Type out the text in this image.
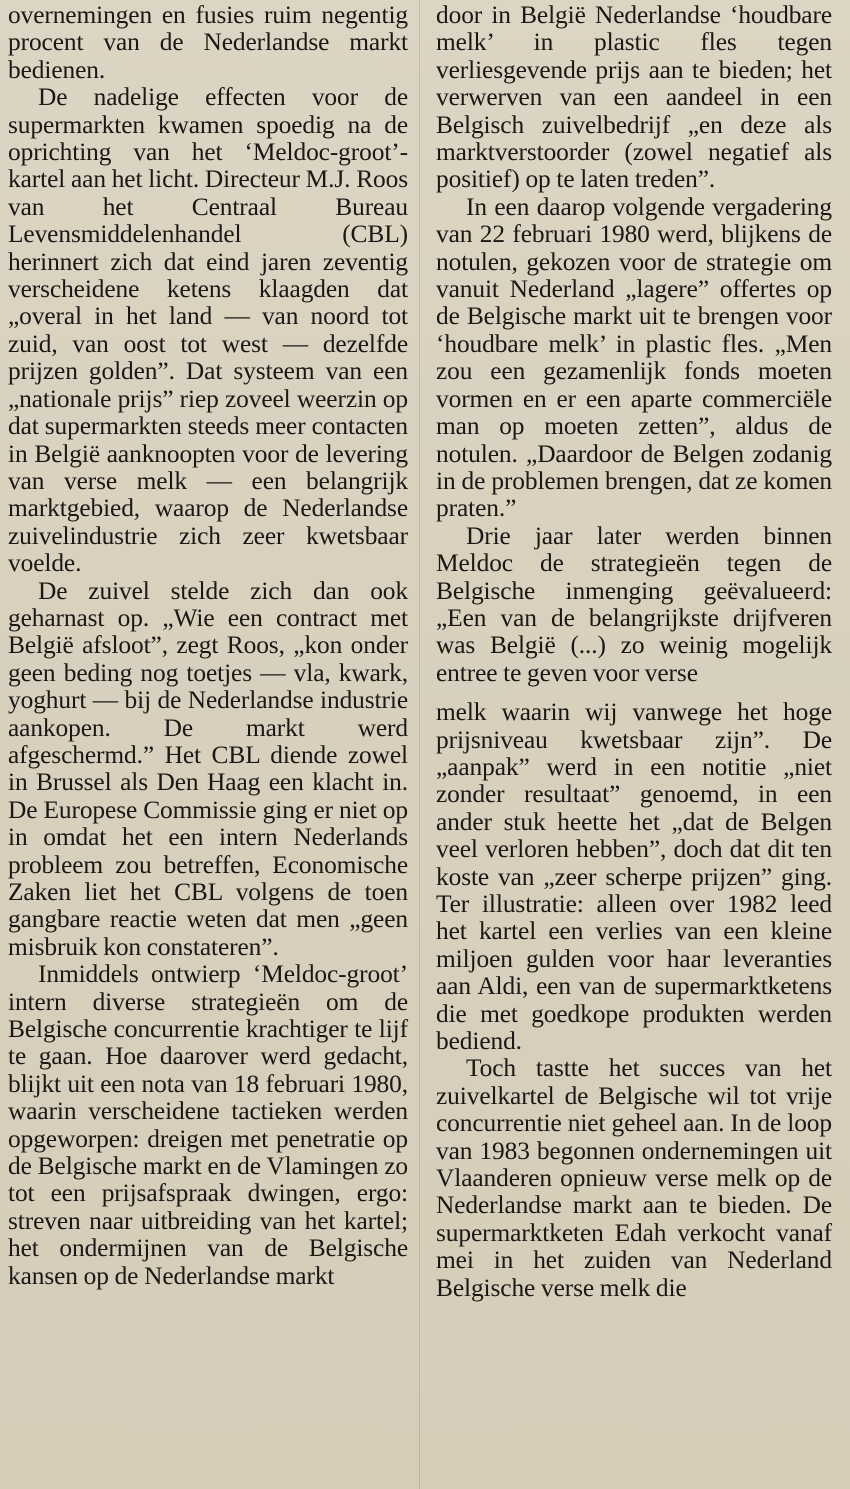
overnemingen en fusies ruim negentig procent van de Nederlandse markt bedienen.

De nadelige effecten voor de supermarkten kwamen spoedig na de oprichting van het ‘Meldoc-groot’-kartel aan het licht. Directeur M.J. Roos van het Centraal Bureau Levensmiddelenhandel (CBL) herinnert zich dat eind jaren zeventig verscheidene ketens klaagden dat „overal in het land — van noord tot zuid, van oost tot west — dezelfde prijzen golden”. Dat systeem van een „nationale prijs” riep zoveel weerzin op dat supermarkten steeds meer contacten in België aanknoopten voor de levering van verse melk — een belangrijk marktgebied, waarop de Nederlandse zuivelindustrie zich zeer kwetsbaar voelde.

De zuivel stelde zich dan ook geharnast op. „Wie een contract met België afsloot”, zegt Roos, „kon onder geen beding nog toetjes — vla, kwark, yoghurt — bij de Nederlandse industrie aankopen. De markt werd afgeschermd.” Het CBL diende zowel in Brussel als Den Haag een klacht in. De Europese Commissie ging er niet op in omdat het een intern Nederlands probleem zou betreffen, Economische Zaken liet het CBL volgens de toen gangbare reactie weten dat men „geen misbruik kon constateren”.

Inmiddels ontwierp ‘Meldoc-groot’ intern diverse strategieën om de Belgische concurrentie krachtiger te lijf te gaan. Hoe daarover werd gedacht, blijkt uit een nota van 18 februari 1980, waarin verscheidene tactieken werden opgeworpen: dreigen met penetratie op de Belgische markt en de Vlamingen zo tot een prijsafspraak dwingen, ergo: streven naar uitbreiding van het kartel; het ondermijnen van de Belgische kansen op de Nederlandse markt

door in België Nederlandse ‘houdbare melk’ in plastic fles tegen verliesgevende prijs aan te bieden; het verwerven van een aandeel in een Belgisch zuivelbedrijf „en deze als marktverstoorder (zowel negatief als positief) op te laten treden”.

In een daarop volgende vergadering van 22 februari 1980 werd, blijkens de notulen, gekozen voor de strategie om vanuit Nederland „lagere” offertes op de Belgische markt uit te brengen voor ‘houdbare melk’ in plastic fles. „Men zou een gezamenlijk fonds moeten vormen en er een aparte commerciële man op moeten zetten”, aldus de notulen. „Daardoor de Belgen zodanig in de problemen brengen, dat ze komen praten.”

Drie jaar later werden binnen Meldoc de strategieën tegen de Belgische inmenging geëvalueerd: „Een van de belangrijkste drijfveren was België (...) zo weinig mogelijk entree te geven voor verse

melk waarin wij vanwege het hoge prijsniveau kwetsbaar zijn”. De „aanpak” werd in een notitie „niet zonder resultaat” genoemd, in een ander stuk heette het „dat de Belgen veel verloren hebben”, doch dat dit ten koste van „zeer scherpe prijzen” ging. Ter illustratie: alleen over 1982 leed het kartel een verlies van een kleine miljoen gulden voor haar leveranties aan Aldi, een van de supermarktketens die met goedkope produkten werden bediend.

Toch tastte het succes van het zuivelkartel de Belgische wil tot vrije concurrentie niet geheel aan. In de loop van 1983 begonnen ondernemingen uit Vlaanderen opnieuw verse melk op de Nederlandse markt aan te bieden. De supermarktketen Edah verkocht vanaf mei in het zuiden van Nederland Belgische verse melk die
